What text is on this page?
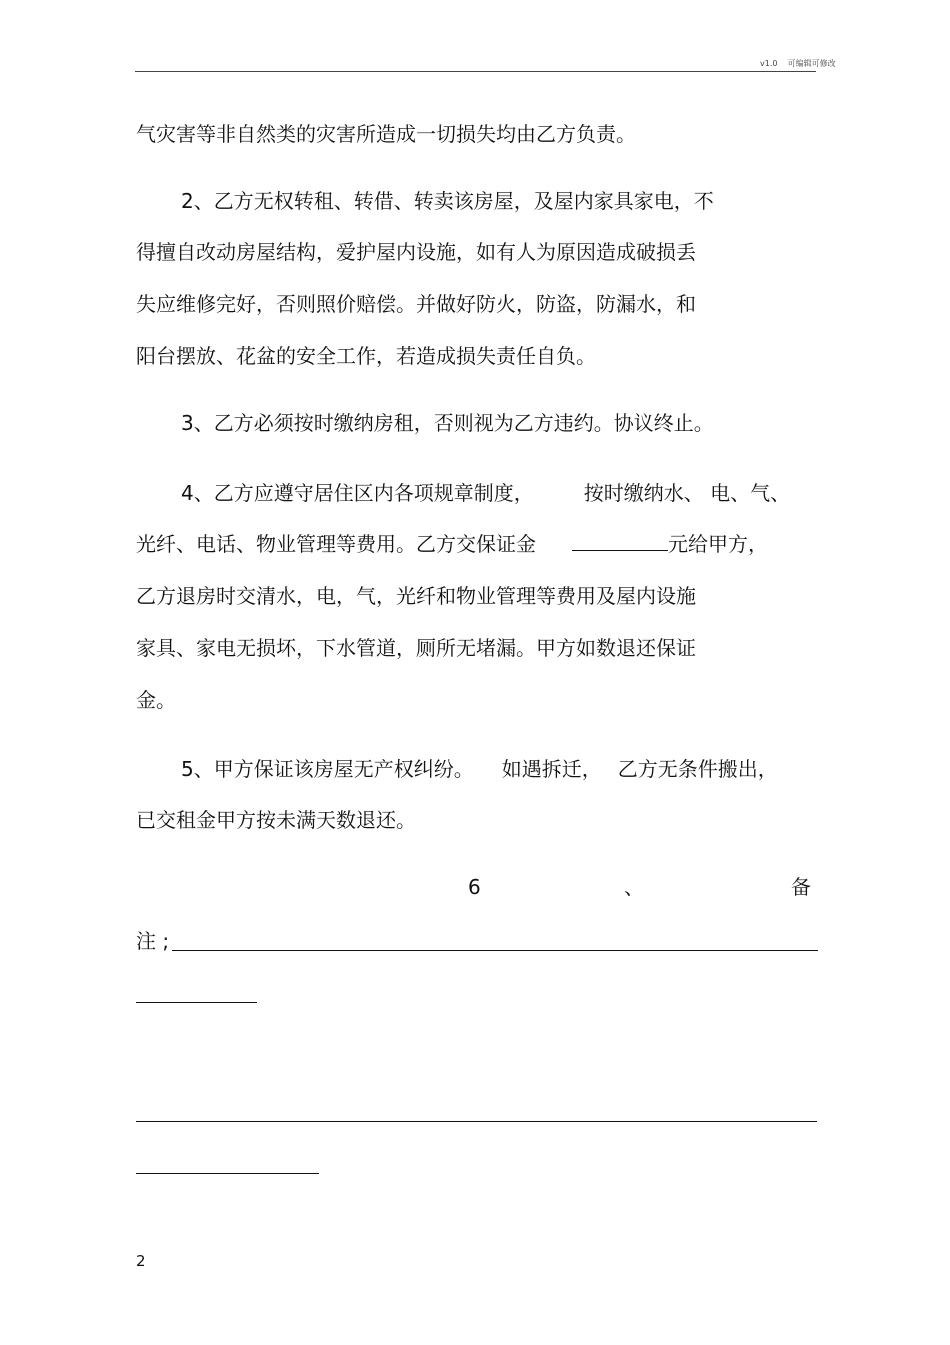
v1.0 可编辑可修改
气灾害等非自然类的灾害所造成一切损失均由乙方负责。
2、乙方无权转租、转借、转卖该房屋，及屋内家具家电，不
得擅自改动房屋结构，爱护屋内设施，如有人为原因造成破损丢
失应维修完好，否则照价赔偿。并做好防火，防盗，防漏水，和
阳台摆放、花盆的安全工作，若造成损失责任自负。
3、乙方必须按时缴纳房租，否则视为乙方违约。协议终止。
4、乙方应遵守居住区内各项规章制度，	按时缴纳水、 电、气、
光纤、电话、物业管理等费用。乙方交保证金	元给甲方，
乙方退房时交清水，电，气，光纤和物业管理等费用及屋内设施
家具、家电无损坏，下水管道，厕所无堵漏。甲方如数退还保证
金。
5、甲方保证该房屋无产权纠纷。 如遇拆迁， 乙方无条件搬出，
已交租金甲方按未满天数退还。
6	、	备
注 ;
2
